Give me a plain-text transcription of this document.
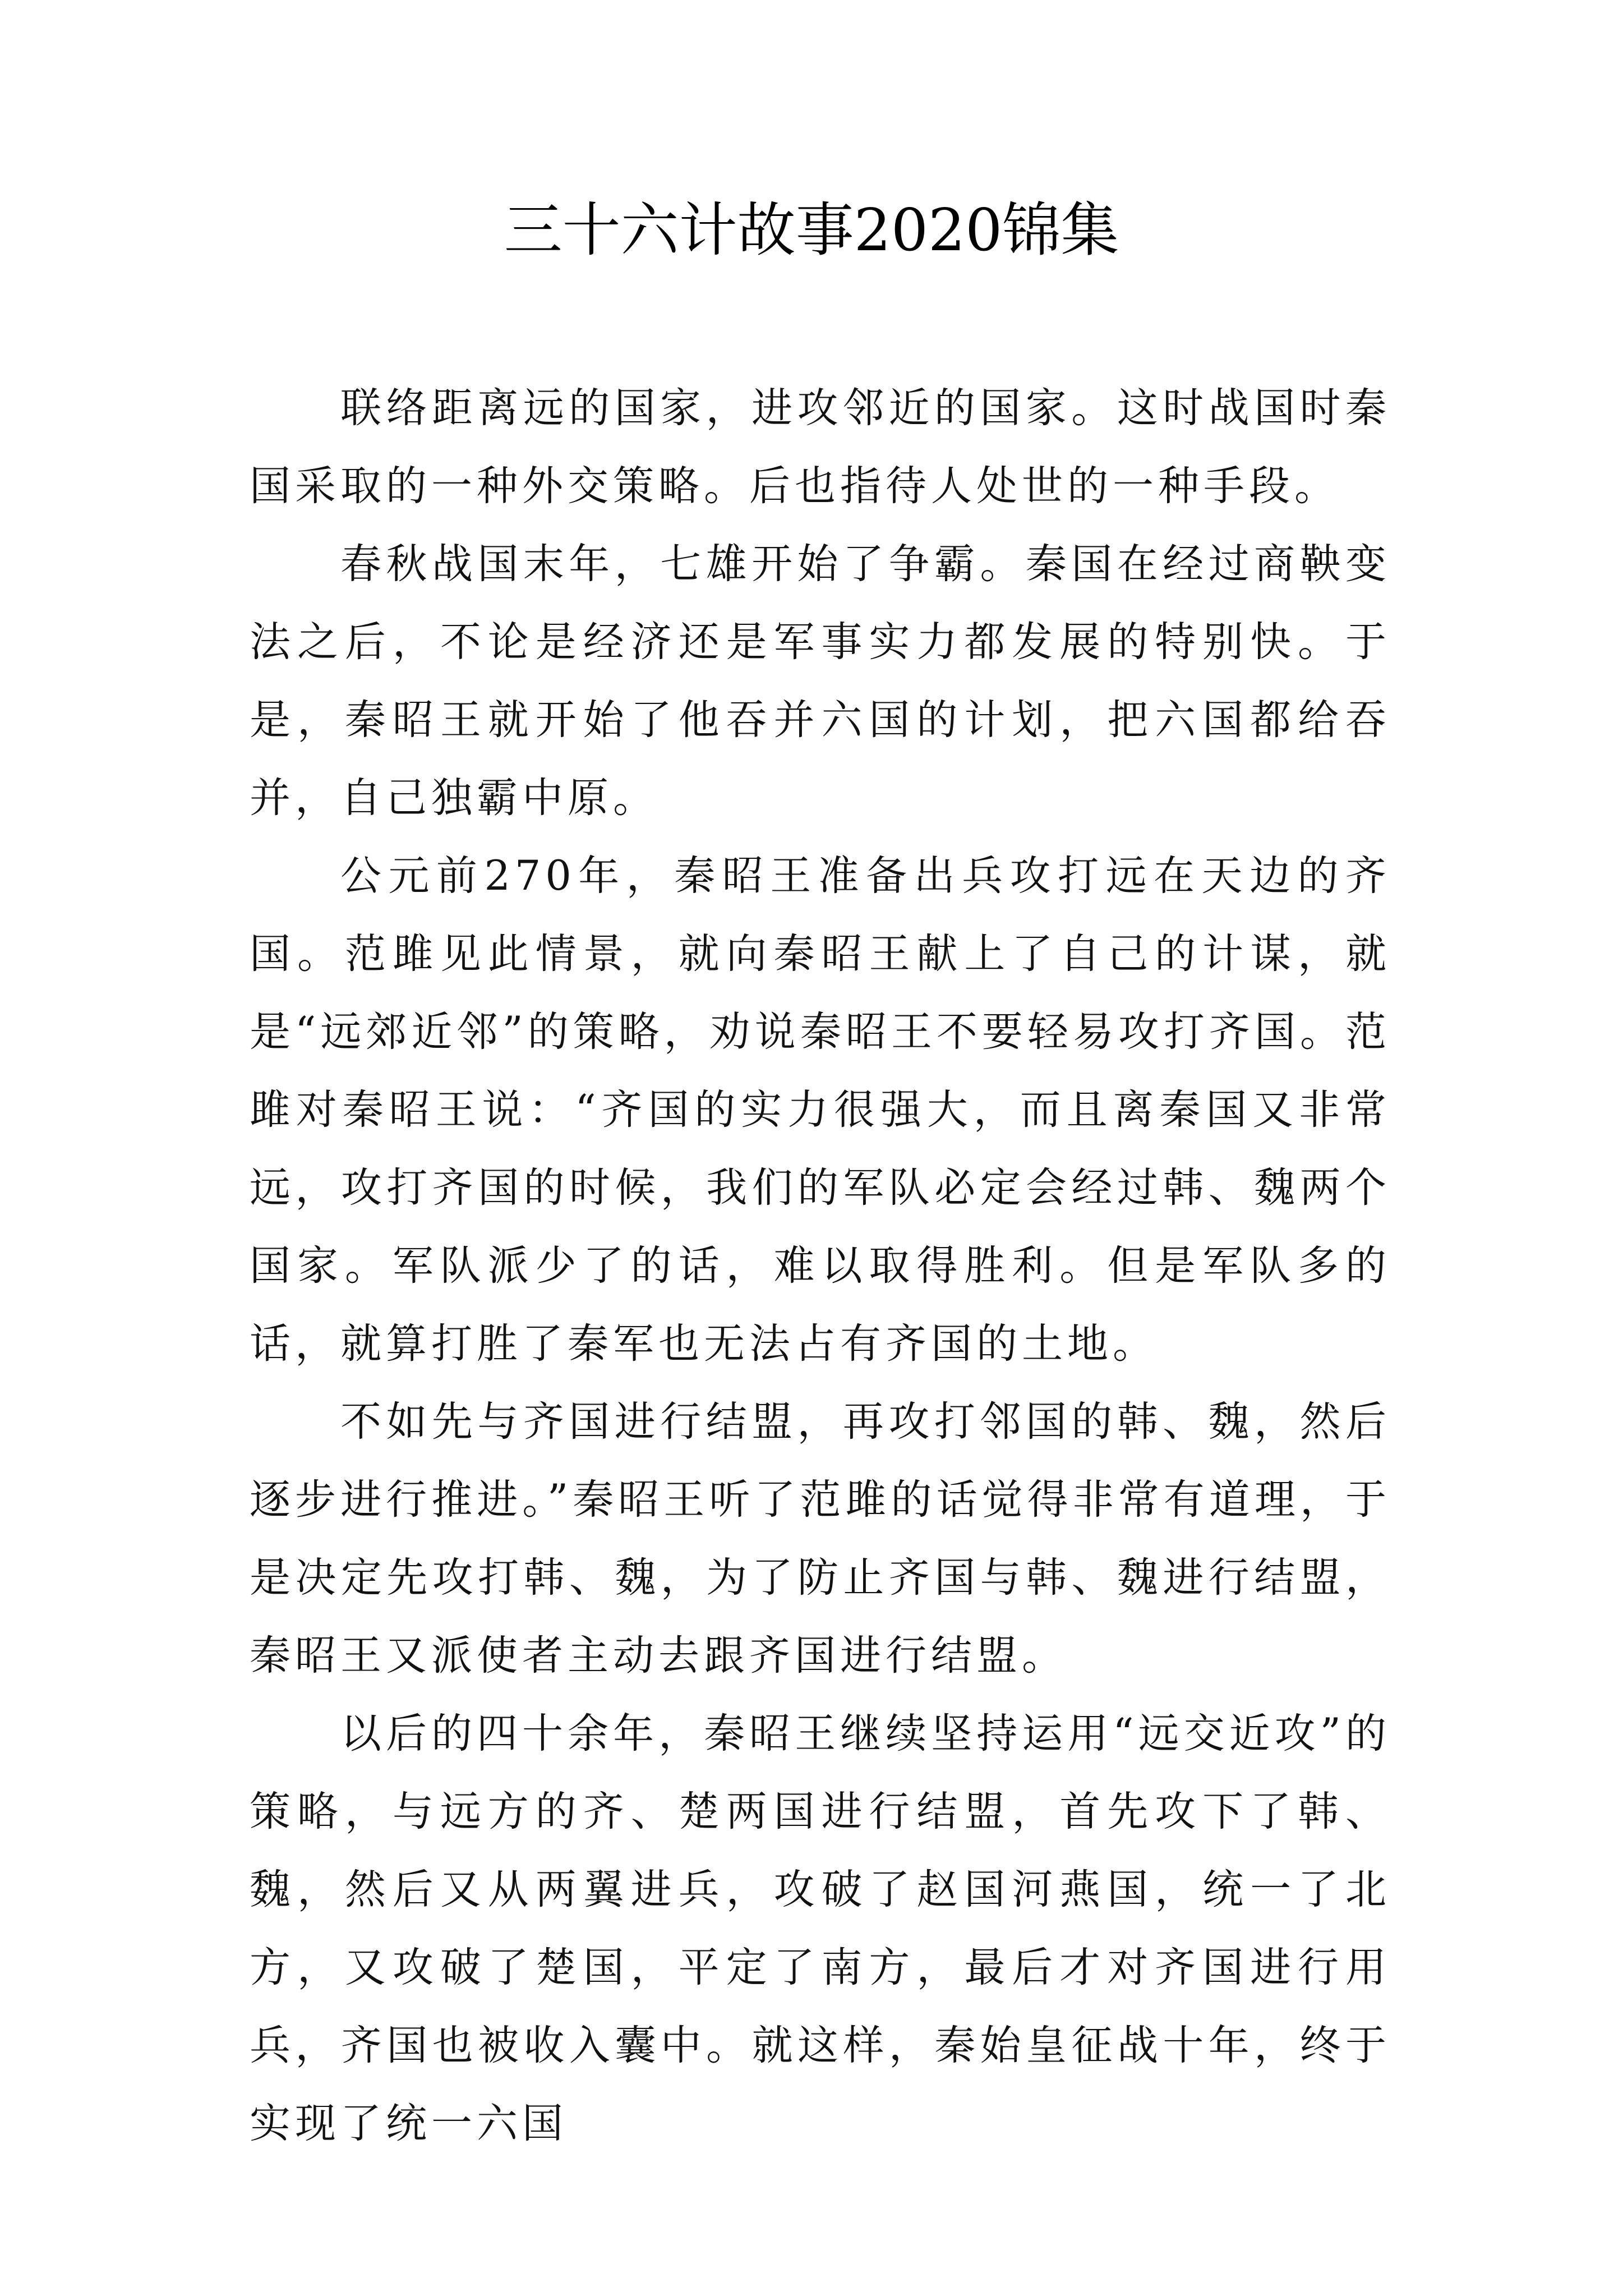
三十六计故事2020锦集

联络距离远的国家，进攻邻近的国家。这时战国时秦国采取的一种外交策略。后也指待人处世的一种手段。

春秋战国末年，七雄开始了争霸。秦国在经过商鞅变法之后，不论是经济还是军事实力都发展的特别快。于是，秦昭王就开始了他吞并六国的计划，把六国都给吞并，自己独霸中原。

公元前270年，秦昭王准备出兵攻打远在天边的齐国。范雎见此情景，就向秦昭王献上了自己的计谋，就是“远郊近邻”的策略，劝说秦昭王不要轻易攻打齐国。范雎对秦昭王说：“齐国的实力很强大，而且离秦国又非常远，攻打齐国的时候，我们的军队必定会经过韩、魏两个国家。军队派少了的话，难以取得胜利。但是军队多的话，就算打胜了秦军也无法占有齐国的土地。

不如先与齐国进行结盟，再攻打邻国的韩、魏，然后逐步进行推进。”秦昭王听了范雎的话觉得非常有道理，于是决定先攻打韩、魏，为了防止齐国与韩、魏进行结盟，秦昭王又派使者主动去跟齐国进行结盟。

以后的四十余年，秦昭王继续坚持运用“远交近攻”的策略，与远方的齐、楚两国进行结盟，首先攻下了韩、魏，然后又从两翼进兵，攻破了赵国河燕国，统一了北方，又攻破了楚国，平定了南方，最后才对齐国进行用兵，齐国也被收入囊中。就这样，秦始皇征战十年，终于实现了统一六国
